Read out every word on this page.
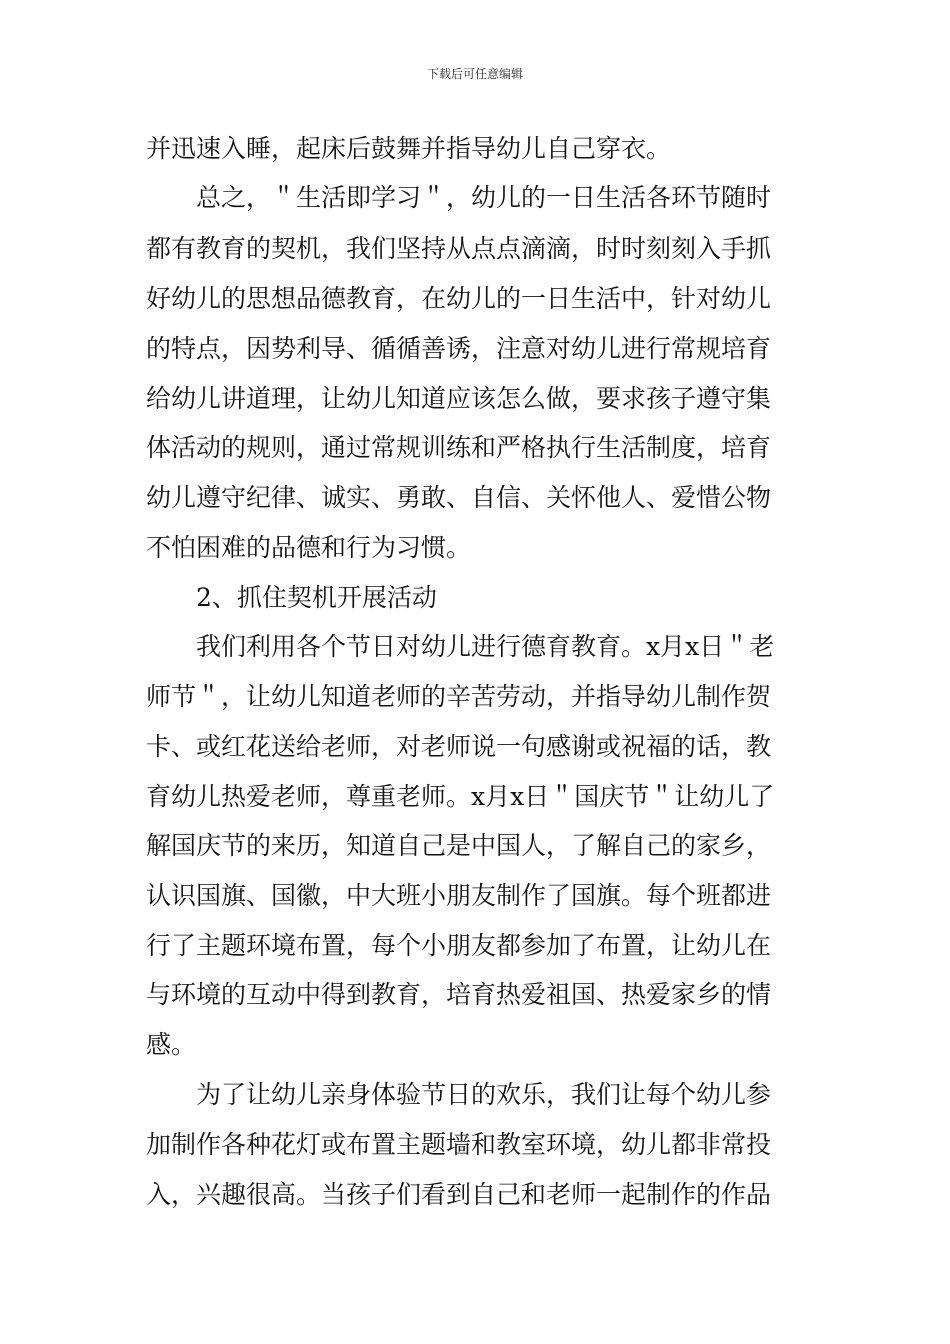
下载后可任意编辑
并迅速入睡，起床后鼓舞并指导幼儿自己穿衣。
总之，＂生活即学习＂，幼儿的一日生活各环节随时
都有教育的契机，我们坚持从点点滴滴，时时刻刻入手抓
好幼儿的思想品德教育，在幼儿的一日生活中，针对幼儿
的特点，因势利导、循循善诱，注意对幼儿进行常规培育
给幼儿讲道理，让幼儿知道应该怎么做，要求孩子遵守集
体活动的规则，通过常规训练和严格执行生活制度，培育
幼儿遵守纪律、诚实、勇敢、自信、关怀他人、爱惜公物
不怕困难的品德和行为习惯。
2、抓住契机开展活动
我们利用各个节日对幼儿进行德育教育。x月x日＂老
师节＂，让幼儿知道老师的辛苦劳动，并指导幼儿制作贺
卡、或红花送给老师，对老师说一句感谢或祝福的话，教
育幼儿热爱老师，尊重老师。x月x日＂国庆节＂让幼儿了
解国庆节的来历，知道自己是中国人，了解自己的家乡，
认识国旗、国徽，中大班小朋友制作了国旗。每个班都进
行了主题环境布置，每个小朋友都参加了布置，让幼儿在
与环境的互动中得到教育，培育热爱祖国、热爱家乡的情
感。
为了让幼儿亲身体验节日的欢乐，我们让每个幼儿参
加制作各种花灯或布置主题墙和教室环境，幼儿都非常投
入，兴趣很高。当孩子们看到自己和老师一起制作的作品
